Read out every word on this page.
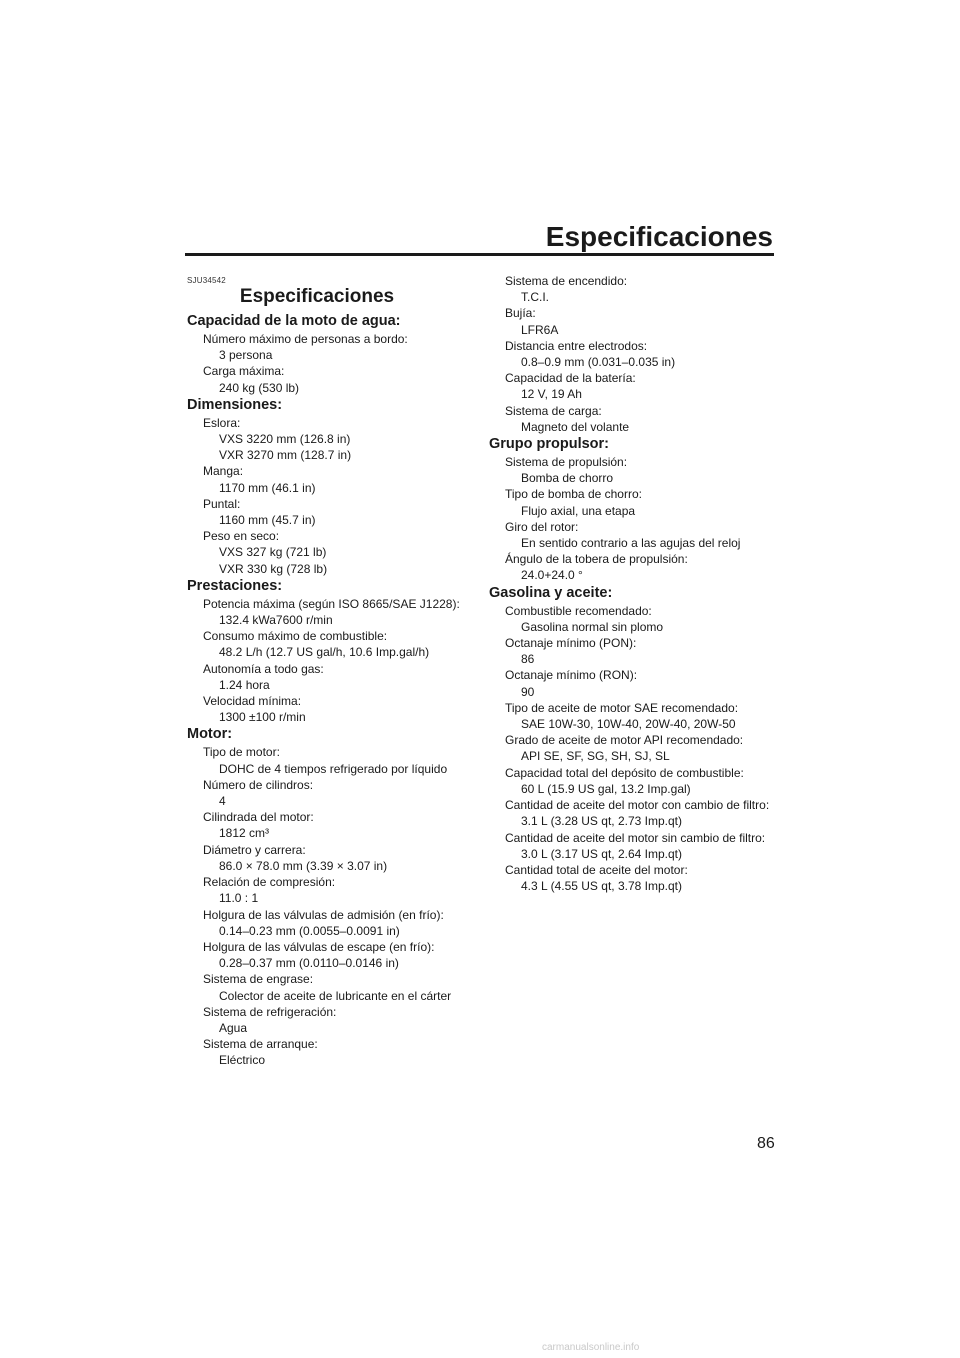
Especificaciones
SJU34542
Especificaciones
Capacidad de la moto de agua:
Número máximo de personas a bordo:
3 persona
Carga máxima:
240 kg (530 lb)
Dimensiones:
Eslora:
VXS 3220 mm (126.8 in)
VXR 3270 mm (128.7 in)
Manga:
1170 mm (46.1 in)
Puntal:
1160 mm (45.7 in)
Peso en seco:
VXS 327 kg (721 lb)
VXR 330 kg (728 lb)
Prestaciones:
Potencia máxima (según ISO 8665/SAE J1228):
132.4 kWa7600 r/min
Consumo máximo de combustible:
48.2 L/h (12.7 US gal/h, 10.6 Imp.gal/h)
Autonomía a todo gas:
1.24 hora
Velocidad mínima:
1300 ±100 r/min
Motor:
Tipo de motor:
DOHC de 4 tiempos refrigerado por líquido
Número de cilindros:
4
Cilindrada del motor:
1812 cm³
Diámetro y carrera:
86.0 × 78.0 mm (3.39 × 3.07 in)
Relación de compresión:
11.0 : 1
Holgura de las válvulas de admisión (en frío):
0.14–0.23 mm (0.0055–0.0091 in)
Holgura de las válvulas de escape (en frío):
0.28–0.37 mm (0.0110–0.0146 in)
Sistema de engrase:
Colector de aceite de lubricante en el cárter
Sistema de refrigeración:
Agua
Sistema de arranque:
Eléctrico
Sistema de encendido:
T.C.I.
Bujía:
LFR6A
Distancia entre electrodos:
0.8–0.9 mm (0.031–0.035 in)
Capacidad de la batería:
12 V, 19 Ah
Sistema de carga:
Magneto del volante
Grupo propulsor:
Sistema de propulsión:
Bomba de chorro
Tipo de bomba de chorro:
Flujo axial, una etapa
Giro del rotor:
En sentido contrario a las agujas del reloj
Ángulo de la tobera de propulsión:
24.0+24.0 °
Gasolina y aceite:
Combustible recomendado:
Gasolina normal sin plomo
Octanaje mínimo (PON):
86
Octanaje mínimo (RON):
90
Tipo de aceite de motor SAE recomendado:
SAE 10W-30, 10W-40, 20W-40, 20W-50
Grado de aceite de motor API recomendado:
API SE, SF, SG, SH, SJ, SL
Capacidad total del depósito de combustible:
60 L (15.9 US gal, 13.2 Imp.gal)
Cantidad de aceite del motor con cambio de filtro:
3.1 L (3.28 US qt, 2.73 Imp.qt)
Cantidad de aceite del motor sin cambio de filtro:
3.0 L (3.17 US qt, 2.64 Imp.qt)
Cantidad total de aceite del motor:
4.3 L (4.55 US qt, 3.78 Imp.qt)
86
carmanualsonline.info
